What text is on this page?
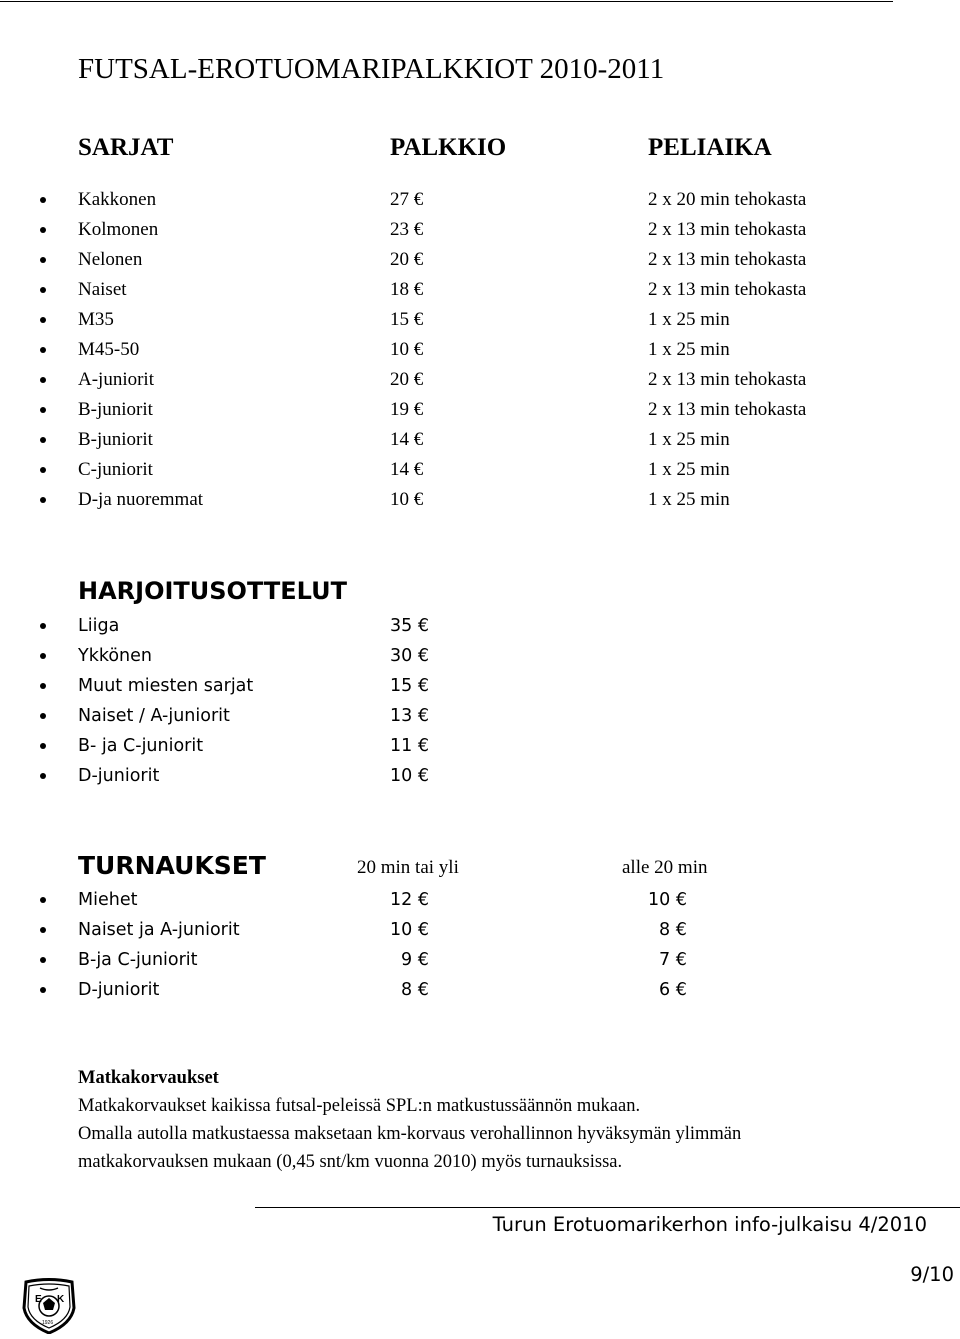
FUTSAL-EROTUOMARIPALKKIOT 2010-2011
SARJAT	PALKKIO	PELIAIKA
Kakkonen	27 €	2 x 20 min tehokasta
Kolmonen	23 €	2 x 13 min tehokasta
Nelonen	20 €	2 x 13 min tehokasta
Naiset	18 €	2 x 13 min tehokasta
M35	15 €	1 x 25 min
M45-50	10 €	1 x 25 min
A-juniorit	20 €	2 x 13 min tehokasta
B-juniorit	19 €	2 x 13 min tehokasta
B-juniorit	14 €	1 x 25 min
C-juniorit	14 €	1 x 25 min
D-ja nuoremmat	10 €	1 x 25 min
HARJOITUSOTTELUT
Liiga	35 €
Ykkönen	30 €
Muut miesten sarjat	15 €
Naiset / A-juniorit	13 €
B- ja C-juniorit	11 €
D-juniorit	10 €
TURNAUKSET	20 min tai yli	alle 20 min
Miehet	12 €	10 €
Naiset ja A-juniorit	10 €	8 €
B-ja C-juniorit	9 €	7 €
D-juniorit	8 €	6 €
Matkakorvaukset
Matkakorvaukset kaikissa futsal-peleissä SPL:n matkustussäännön mukaan.
Omalla autolla matkustaessa maksetaan km-korvaus verohallinnon hyväksymän ylimmän
matkakorvauksen mukaan (0,45 snt/km vuonna 2010) myös turnauksissa.
Turun Erotuomarikerhon info-julkaisu 4/2010
9/10
E K
1926
